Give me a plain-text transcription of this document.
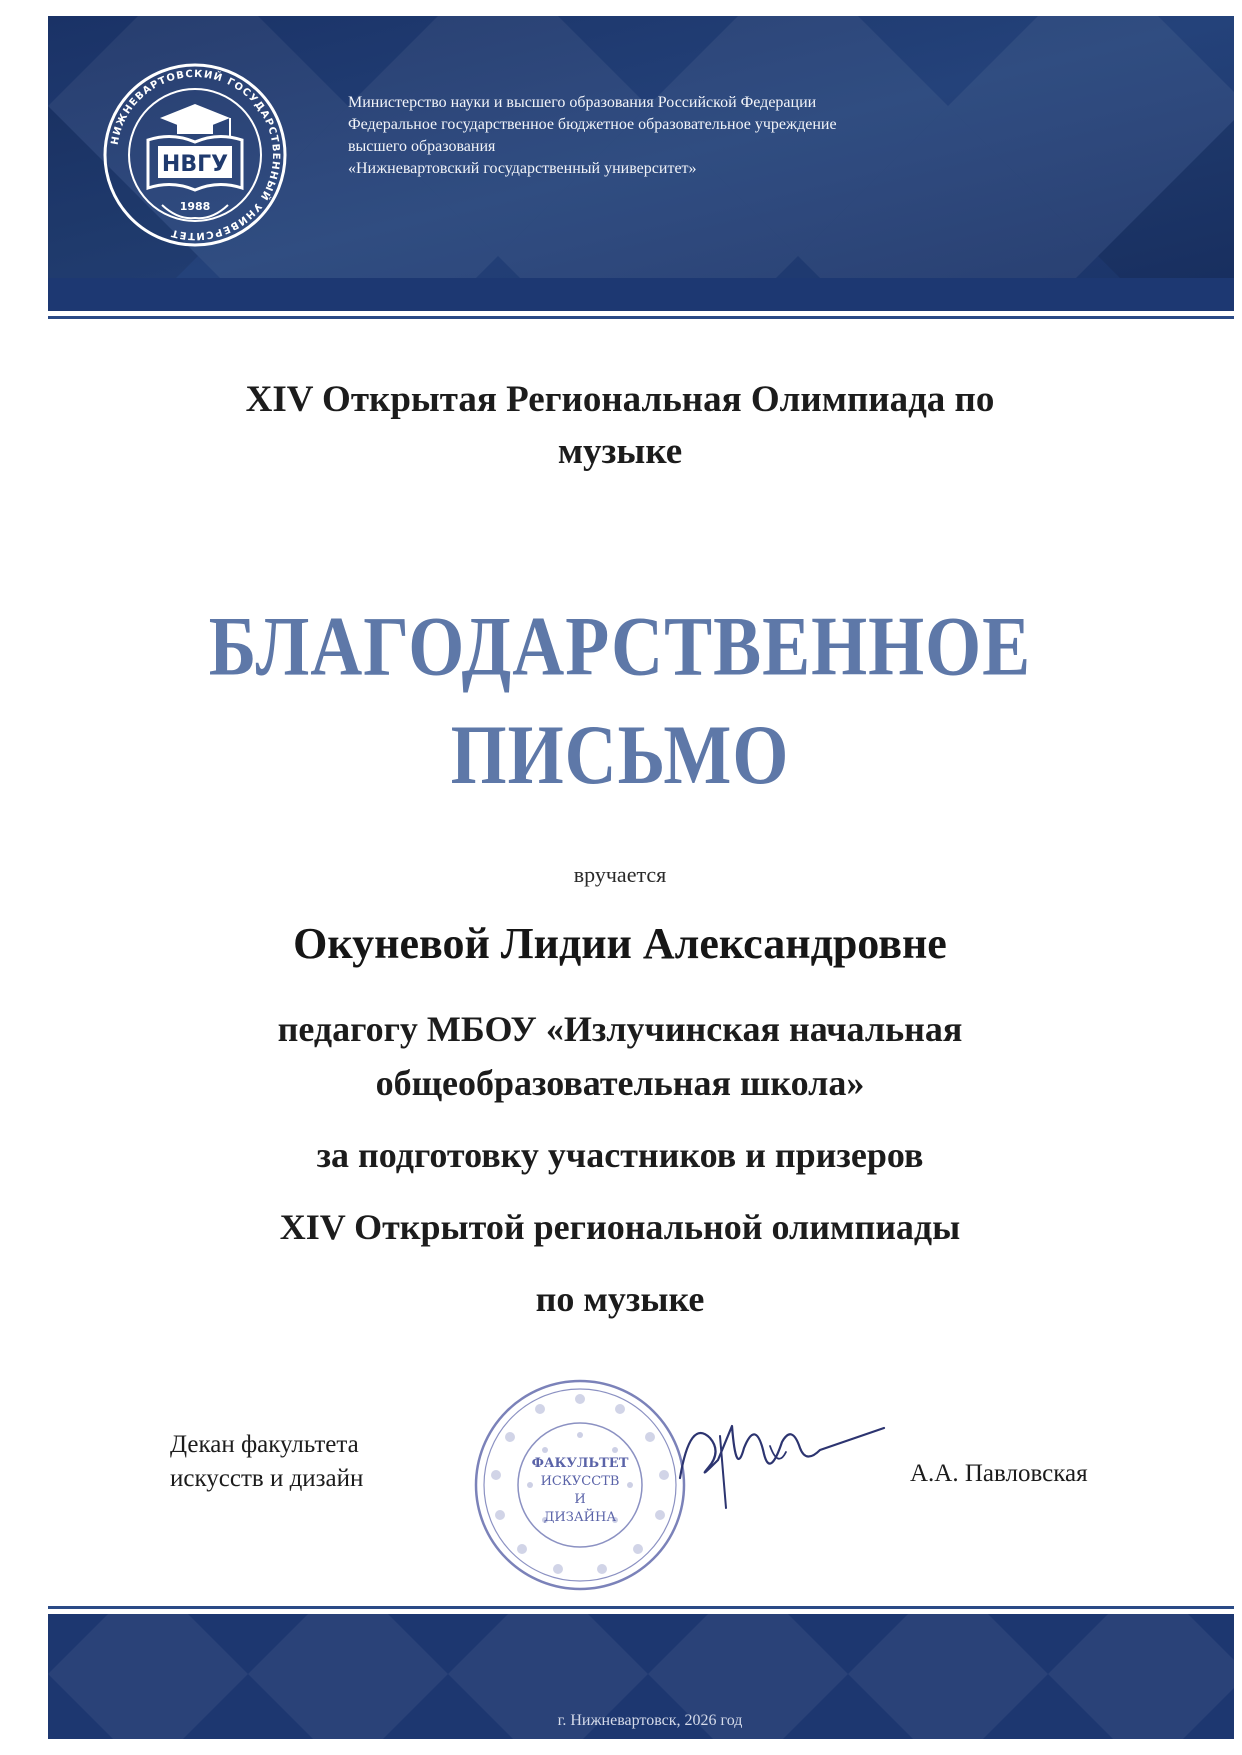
НИЖНЕВАРТОВСКИЙ ГОСУДАРСТВЕННЫЙ УНИВЕРСИТЕТ
НВГУ
1988
Министерство науки и высшего образования Российской Федерации
Федеральное государственное бюджетное образовательное учреждение
высшего образования
«Нижневартовский государственный университет»
XIV Открытая Региональная Олимпиада по
музыке
БЛАГОДАРСТВЕННОЕ
ПИСЬМО
вручается
Окуневой Лидии Александровне
педагогу МБОУ «Излучинская начальная
общеобразовательная школа»
за подготовку участников и призеров
XIV Открытой региональной олимпиады
по музыке
Декан факультета
искусств и дизайн
ФАКУЛЬТЕТ
ИСКУССТВ
И
ДИЗАЙНА
А.А. Павловская
г. Нижневартовск, 2026 год
